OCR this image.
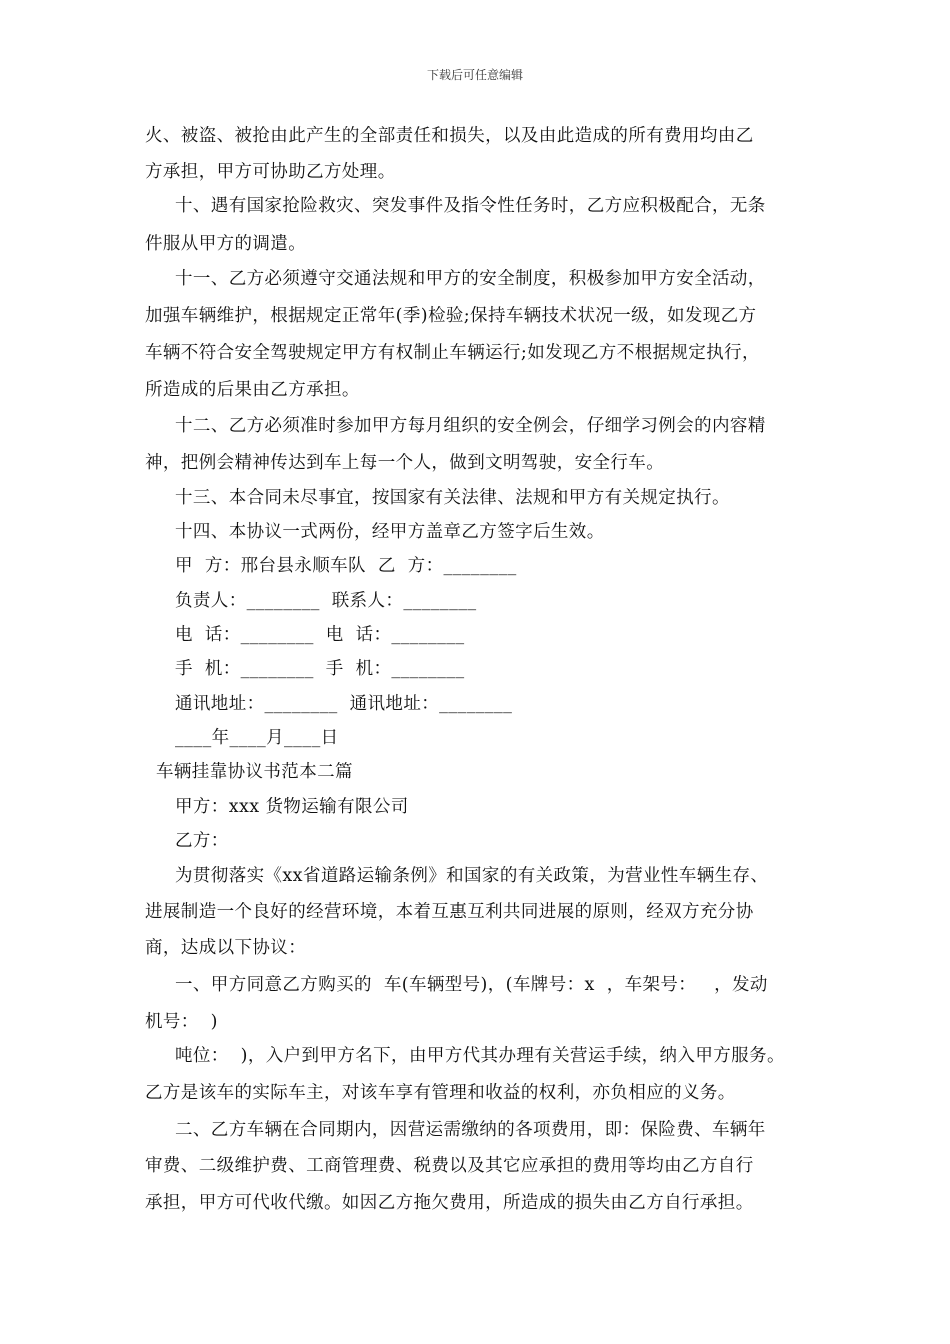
下载后可任意编辑
火、被盗、被抢由此产生的全部责任和损失，以及由此造成的所有费用均由乙
方承担，甲方可协助乙方处理。
十、遇有国家抢险救灾、突发事件及指令性任务时，乙方应积极配合，无条
件服从甲方的调遣。
十一、乙方必须遵守交通法规和甲方的安全制度，积极参加甲方安全活动，
加强车辆维护，根据规定正常年(季)检验;保持车辆技术状况一级，如发现乙方
车辆不符合安全驾驶规定甲方有权制止车辆运行;如发现乙方不根据规定执行，
所造成的后果由乙方承担。
十二、乙方必须准时参加甲方每月组织的安全例会，仔细学习例会的内容精
神，把例会精神传达到车上每一个人，做到文明驾驶，安全行车。
十三、本合同未尽事宜，按国家有关法律、法规和甲方有关规定执行。
十四、本协议一式两份，经甲方盖章乙方签字后生效。
甲  方：邢台县永顺车队  乙  方：________
负责人：________  联系人：________
电  话：________  电  话：________
手  机：________  手  机：________
通讯地址：________  通讯地址：________
____年____月____日
车辆挂靠协议书范本二篇
甲方：xxx 货物运输有限公司
乙方：
为贯彻落实《xx省道路运输条例》和国家的有关政策，为营业性车辆生存、
进展制造一个良好的经营环境，本着互惠互利共同进展的原则，经双方充分协
商，达成以下协议：
一、甲方同意乙方购买的  车(车辆型号)，(车牌号：x  ，车架号：   ，发动
机号：  )
吨位：  )，入户到甲方名下，由甲方代其办理有关营运手续，纳入甲方服务。
乙方是该车的实际车主，对该车享有管理和收益的权利，亦负相应的义务。
二、乙方车辆在合同期内，因营运需缴纳的各项费用，即：保险费、车辆年
审费、二级维护费、工商管理费、税费以及其它应承担的费用等均由乙方自行
承担，甲方可代收代缴。如因乙方拖欠费用，所造成的损失由乙方自行承担。
